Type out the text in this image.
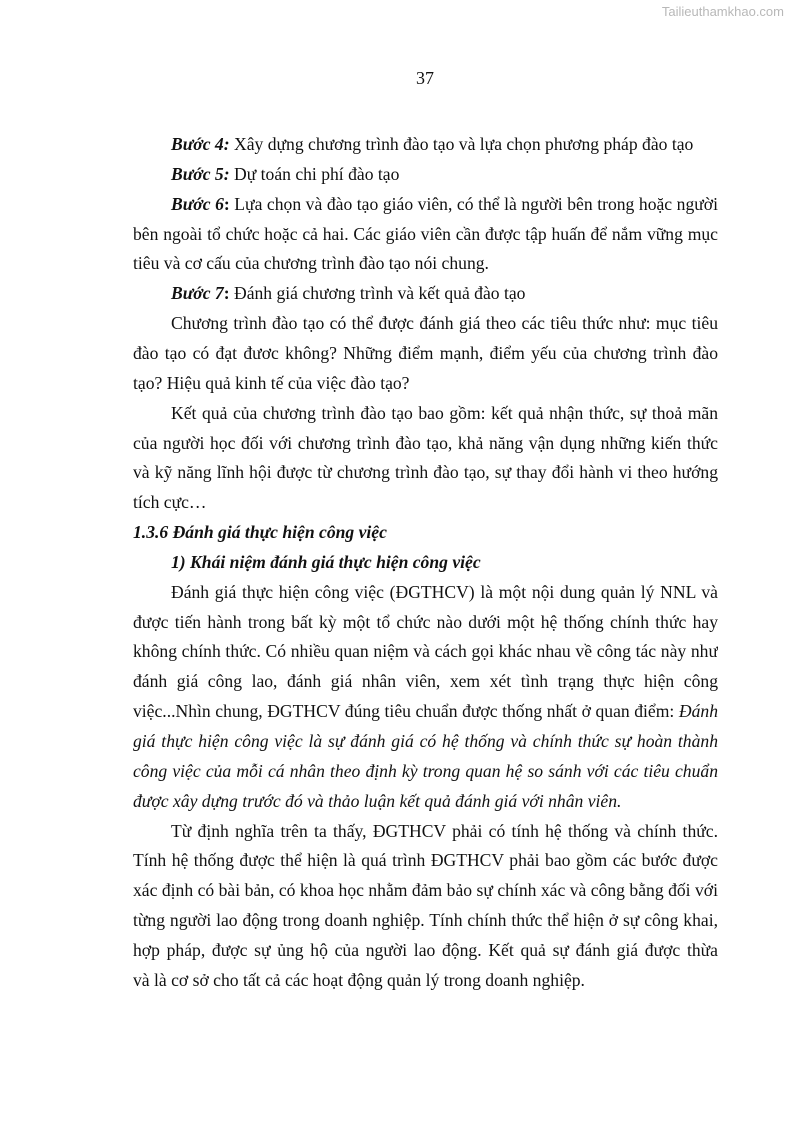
Tailieuthamkhao.com
37
Bước 4: Xây dựng chương trình đào tạo và lựa chọn phương pháp đào tạo
Bước 5: Dự toán chi phí đào tạo
Bước 6: Lựa chọn và đào tạo giáo viên, có thể là người bên trong hoặc người
bên ngoài tổ chức hoặc cả hai. Các giáo viên cần được tập huấn để nắm vững mục
tiêu và cơ cấu của chương trình đào tạo nói chung.
Bước 7: Đánh giá chương trình và kết quả đào tạo
Chương trình đào tạo có thể được đánh giá theo các tiêu thức như: mục tiêu
đào tạo có đạt đươc không? Những điểm mạnh, điểm yếu của chương trình đào
tạo? Hiệu quả kinh tế của việc đào tạo?
Kết quả của chương trình đào tạo bao gồm: kết quả nhận thức, sự thoả mãn
của người học đối với chương trình đào tạo, khả năng vận dụng những kiến thức
và kỹ năng lĩnh hội được từ chương trình đào tạo, sự thay đổi hành vi theo hướng
tích cực…
1.3.6 Đánh giá thực hiện công việc
1) Khái niệm đánh giá thực hiện công việc
Đánh giá thực hiện công việc (ĐGTHCV) là một nội dung quản lý NNL và
được tiến hành trong bất kỳ một tổ chức nào dưới một hệ thống chính thức hay
không chính thức. Có nhiều quan niệm và cách gọi khác nhau về công tác này như
đánh giá công lao, đánh giá nhân viên, xem xét tình trạng thực hiện công
việc...Nhìn chung, ĐGTHCV đúng tiêu chuẩn được thống nhất ở quan điểm: Đánh
giá thực hiện công việc là sự đánh giá có hệ thống và chính thức sự hoàn thành
công việc của mỗi cá nhân theo định kỳ trong quan hệ so sánh với các tiêu chuẩn
được xây dựng trước đó và thảo luận kết quả đánh giá với nhân viên.
Từ định nghĩa trên ta thấy, ĐGTHCV phải có tính hệ thống và chính thức.
Tính hệ thống được thể hiện là quá trình ĐGTHCV phải bao gồm các bước được
xác định có bài bản, có khoa học nhằm đảm bảo sự chính xác và công bằng đối với
từng người lao động trong doanh nghiệp. Tính chính thức thể hiện ở sự công khai,
hợp pháp, được sự ủng hộ của người lao động. Kết quả sự đánh giá được thừa
và là cơ sở cho tất cả các hoạt động quản lý trong doanh nghiệp.
